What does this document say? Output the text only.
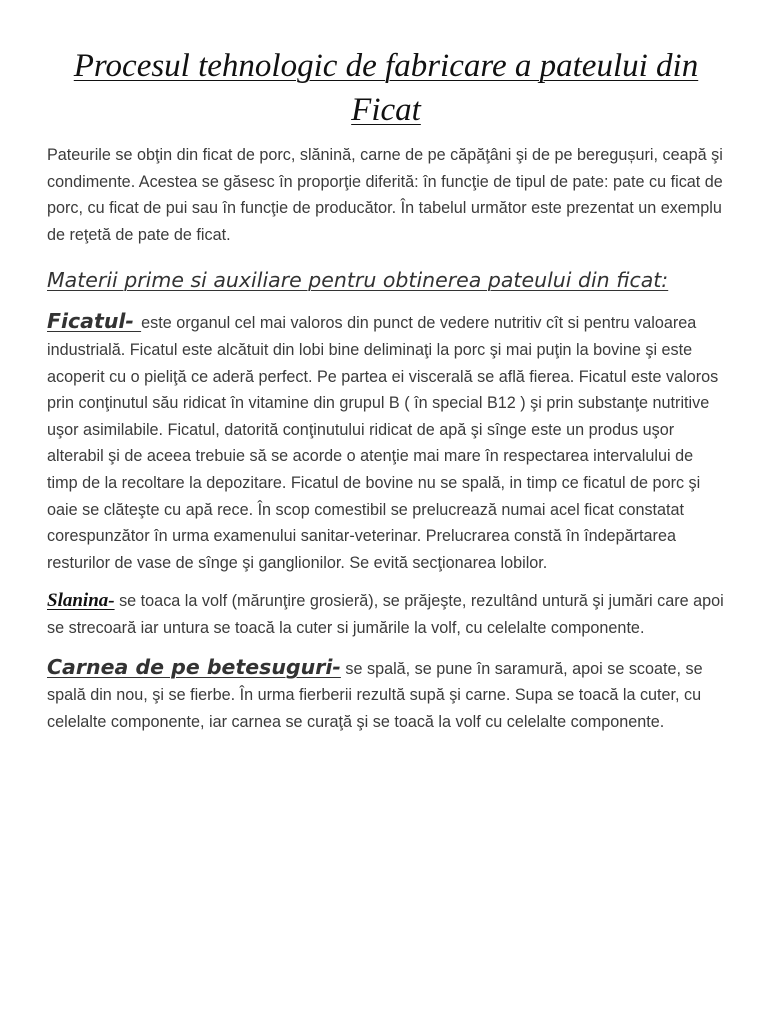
Procesul tehnologic de fabricare a pateului din Ficat

Pateurile se obţin din ficat de porc, slănină, carne de pe căpăţâni şi de pe beregușuri, ceapă şi condimente. Acestea se găsesc în proporţie diferită: în funcţie de tipul de pate: pate cu ficat de porc, cu ficat de pui sau în funcţie de producător. În tabelul următor este prezentat un exemplu de reţetă de pate de ficat.

Materii prime si auxiliare pentru obtinerea pateului din ficat:

Ficatul- este organul cel mai valoros din punct de vedere nutritiv cît si pentru valoarea industrială. Ficatul este alcătuit din lobi bine deliminaţi la porc şi mai puţin la bovine şi este acoperit cu o pieliţă ce aderă perfect. Pe partea ei viscerală se află fierea. Ficatul este valoros prin conţinutul său ridicat în vitamine din grupul B ( în special B12 ) şi prin substanţe nutritive uşor asimilabile. Ficatul, datorită conţinutului ridicat de apă şi sînge este un produs uşor alterabil şi de aceea trebuie să se acorde o atenţie mai mare în respectarea intervalului de timp de la recoltare la depozitare. Ficatul de bovine nu se spală, in timp ce ficatul de porc şi oaie se clăteşte cu apă rece. În scop comestibil se prelucrează numai acel ficat constatat corespunzător în urma examenului sanitar-veterinar. Prelucrarea constă în îndepărtarea resturilor de vase de sînge şi ganglionilor. Se evită secţionarea lobilor.

Slanina- se toaca la volf (mărunţire grosieră), se prăjeşte, rezultând untură şi jumări care apoi se strecoară iar untura se toacă la cuter si jumările la volf, cu celelalte componente.

Carnea de pe betesuguri- se spală, se pune în saramură, apoi se scoate, se spală din nou, şi se fierbe. În urma fierberii rezultă supă şi carne. Supa se toacă la cuter, cu celelalte componente, iar carnea se curaţă şi se toacă la volf cu celelalte componente.
